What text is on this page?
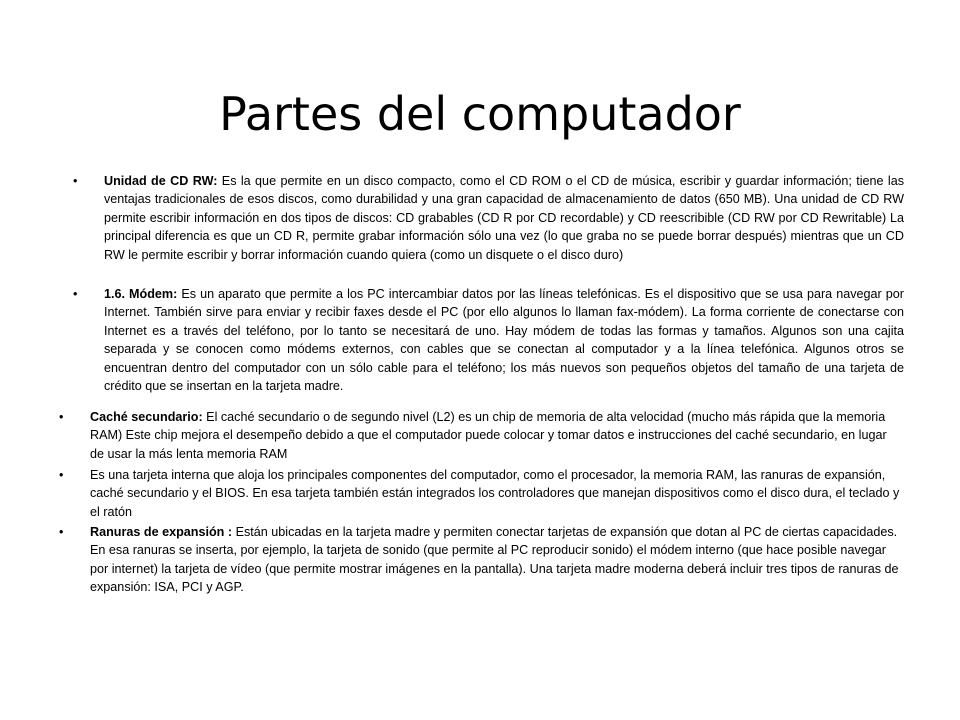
Partes del computador
• Unidad de CD RW: Es la que permite en un disco compacto, como el CD ROM o el CD de música, escribir y guardar información; tiene las ventajas tradicionales de esos discos, como durabilidad y una gran capacidad de almacenamiento de datos (650 MB). Una unidad de CD RW permite escribir información en dos tipos de discos: CD grabables (CD R por CD recordable) y CD reescribible (CD RW por CD Rewritable) La principal diferencia es que un CD R, permite grabar información sólo una vez (lo que graba no se puede borrar después) mientras que un CD RW le permite escribir y borrar información cuando quiera (como un disquete o el disco duro)
• 1.6. Módem: Es un aparato que permite a los PC intercambiar datos por las líneas telefónicas. Es el dispositivo que se usa para navegar por Internet. También sirve para enviar y recibir faxes desde el PC (por ello algunos lo llaman fax-módem). La forma corriente de conectarse con Internet es a través del teléfono, por lo tanto se necesitará de uno. Hay módem de todas las formas y tamaños. Algunos son una cajita separada y se conocen como módems externos, con cables que se conectan al computador y a la línea telefónica. Algunos otros se encuentran dentro del computador con un sólo cable para el teléfono; los más nuevos son pequeños objetos del tamaño de una tarjeta de crédito que se insertan en la tarjeta madre.
• Caché secundario: El caché secundario o de segundo nivel (L2) es un chip de memoria de alta velocidad (mucho más rápida que la memoria RAM) Este chip mejora el desempeño debido a que el computador puede colocar y tomar datos e instrucciones del caché secundario, en lugar de usar la más lenta memoria RAM
• Es una tarjeta interna que aloja los principales componentes del computador, como el procesador, la memoria RAM, las ranuras de expansión, caché secundario y el BIOS. En esa tarjeta también están integrados los controladores que manejan dispositivos como el disco dura, el teclado y el ratón
• Ranuras de expansión : Están ubicadas en la tarjeta madre y permiten conectar tarjetas de expansión que dotan al PC de ciertas capacidades. En esa ranuras se inserta, por ejemplo, la tarjeta de sonido (que permite al PC reproducir sonido) el módem interno (que hace posible navegar por internet) la tarjeta de vídeo (que permite mostrar imágenes en la pantalla). Una tarjeta madre moderna deberá incluir tres tipos de ranuras de expansión: ISA, PCI y AGP.
